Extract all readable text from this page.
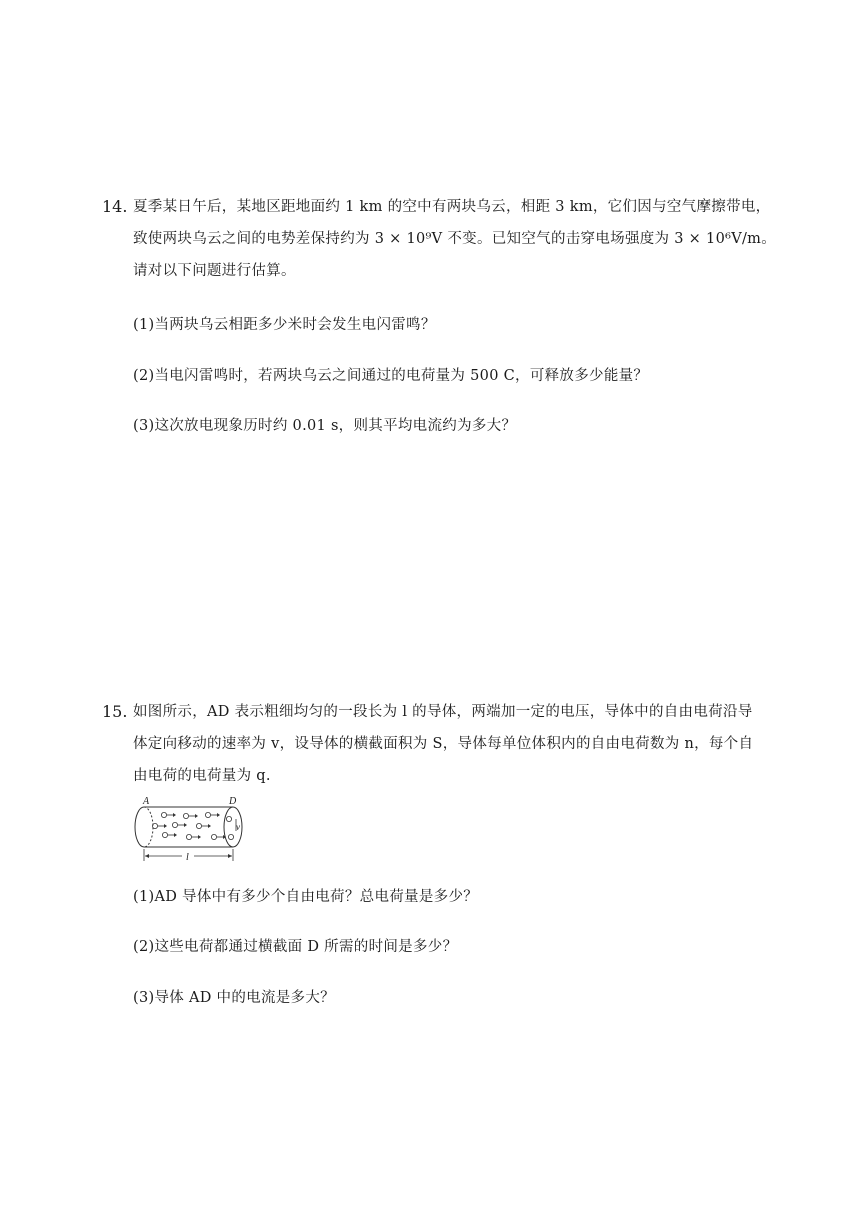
14. 夏季某日午后，某地区距地面约 1 km 的空中有两块乌云，相距 3 km，它们因与空气摩擦带电，
致使两块乌云之间的电势差保持约为 3 × 10⁹V 不变。已知空气的击穿电场强度为 3 × 10⁶V/m。
请对以下问题进行估算。
(1)当两块乌云相距多少米时会发生电闪雷鸣？
(2)当电闪雷鸣时，若两块乌云之间通过的电荷量为 500 C，可释放多少能量？
(3)这次放电现象历时约 0.01 s，则其平均电流约为多大？
15. 如图所示，AD 表示粗细均匀的一段长为 l 的导体，两端加一定的电压，导体中的自由电荷沿导
体定向移动的速率为 v，设导体的横截面积为 S，导体每单位体积内的自由电荷数为 n，每个自
由电荷的电荷量为 q.
A	D
v
l
(1)AD 导体中有多少个自由电荷？总电荷量是多少？
(2)这些电荷都通过横截面 D 所需的时间是多少？
(3)导体 AD 中的电流是多大？
